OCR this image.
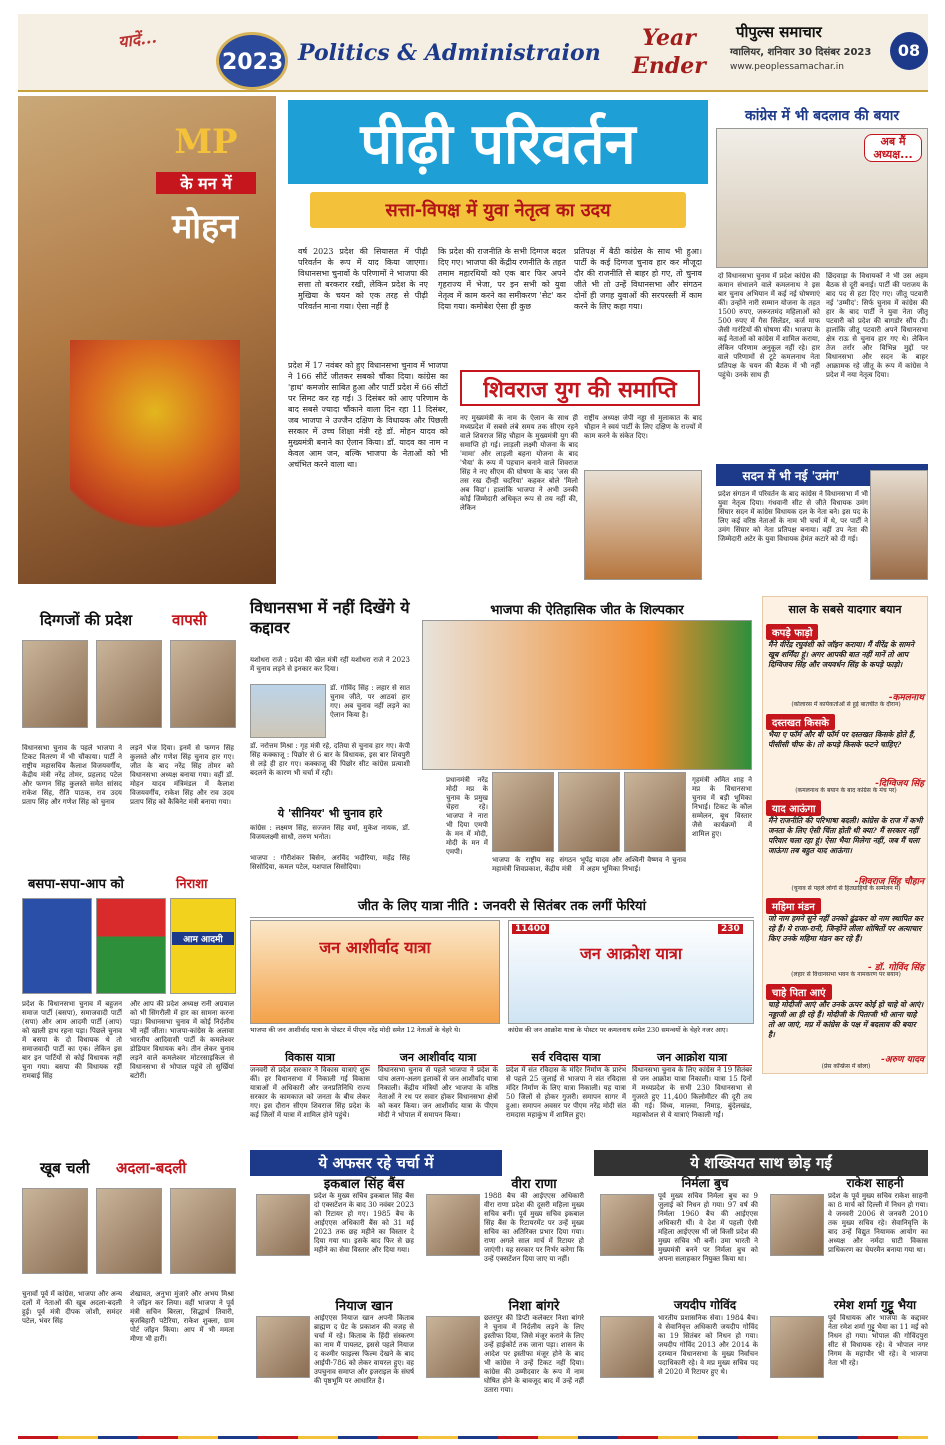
यादें...
2023 Politics & Administraion
Year Ender
पीपुल्स समाचार
ग्वालियर, शनिवार 30 दिसंबर 2023
www.peoplessamachar.in
08
MP
के मन में
मोहन
पीढ़ी परिवर्तन
सत्ता-विपक्ष में युवा नेतृत्व का उदय
वर्ष 2023 प्रदेश की सियासत में पीढ़ी परिवर्तन के रूप में याद किया जाएगा। विधानसभा चुनावों के परिणामों ने भाजपा की सत्ता तो बरकरार रखी, लेकिन प्रदेश के नए मुखिया के चयन को एक तरह से पीढ़ी परिवर्तन माना गया। ऐसा नहीं है
कि प्रदेश की राजनीति के सभी दिग्गज बदल दिए गए। भाजपा की केंद्रीय रणनीति के तहत तमाम महारथियों को एक बार फिर अपने गृहराज्य में भेजा, पर इन सभी को युवा नेतृत्व में काम करने का समीकरण 'सेट' कर दिया गया। कमोबेश ऐसा ही कुछ
प्रतिपक्ष में बैठी कांग्रेस के साथ भी हुआ। पार्टी के कई दिग्गज चुनाव हार कर मौजूदा दौर की राजनीति से बाहर हो गए, तो चुनाव जीते भी तो उन्हें विधानसभा और संगठन दोनों ही जगह युवाओं की सरपरस्ती में काम करने के लिए कहा गया।
प्रदेश में 17 नवंबर को हुए विधानसभा चुनाव में भाजपा ने 166 सीटें जीतकर सबको चौंका दिया। कांग्रेस का 'हाथ' कमजोर साबित हुआ और पार्टी प्रदेश में 66 सीटों पर सिमट कर रह गई। 3 दिसंबर को आए परिणाम के बाद सबसे ज्यादा चौंकाने वाला दिन रहा 11 दिसंबर, जब भाजपा ने उज्जैन दक्षिण के विधायक और पिछली सरकार में उच्च शिक्षा मंत्री रहे डॉ. मोहन यादव को मुख्यमंत्री बनाने का ऐलान किया। डॉ. यादव का नाम न केवल आम जन, बल्कि भाजपा के नेताओं को भी अचंभित करने वाला था।
शिवराज युग की समाप्ति
नए मुख्यमंत्री के नाम के ऐलान के साथ ही मध्यप्रदेश में सबसे लंबे समय तक सीएम रहने वाले शिवराज सिंह चौहान के मुख्यमंत्री युग की समाप्ति हो गई। लाड़ली लक्ष्मी योजना के बाद 'मामा' और लाड़ली बहना योजना के बाद 'भैया' के रूप में पहचान बनाने वाले शिवराज सिंह ने नए सीएम की घोषणा के बाद 'जस की तस रख दीन्ही चदरिया' कहकर बोले 'मिलो अब विदा'। हालांकि भाजपा ने अभी उनकी कोई जिम्मेदारी अधिकृत रूप से तय नहीं की, लेकिन
राष्ट्रीय अध्यक्ष जेपी नड्डा से मुलाकात के बाद चौहान ने स्वयं पार्टी के लिए दक्षिण के राज्यों में काम करने के संकेत दिए।
कांग्रेस में भी बदलाव की बयार
अब मैं अध्यक्ष...
दो विधानसभा चुनाव में प्रदेश कांग्रेस की कमान संभालने वाले कमलनाथ ने इस बार चुनाव अभियान में कई नई घोषणाएं कीं। उन्होंने नारी सम्मान योजना के तहत 1500 रुपए, जरूरतमंद महिलाओं को 500 रुपए में गैस सिलेंडर, कर्ज माफ जैसी गारंटियों की घोषणा की। भाजपा के कई नेताओं को कांग्रेस में शामिल कराया, लेकिन परिणाम अनुकूल नहीं रहे। हार वाले परिणामों से टूटे कमलनाथ नेता प्रतिपक्ष के चयन की बैठक में भी नहीं पहुंचे। उनके साथ ही
छिंदवाड़ा के विधायकों ने भी उस अहम बैठक से दूरी बनाई। पार्टी की पराजय के बाद पद से हटा दिए गए। जीतू पटवारी नई 'उम्मीद': सिर्फ चुनाव में कांग्रेस की हार के बाद पार्टी ने युवा नेता जीतू पटवारी को प्रदेश की बागडोर सौंप दी। हालांकि जीतू पटवारी अपने विधानसभा क्षेत्र राऊ से चुनाव हार गए थे। लेकिन तेज तर्रार और विभिन्न मुद्दों पर विधानसभा और सदन के बाहर आक्रामक रहे जीतू के रूप में कांग्रेस ने प्रदेश में नया नेतृत्व दिया।
सदन में भी नई 'उमंग'
प्रदेश संगठन में परिवर्तन के बाद कांग्रेस ने विधानसभा में भी युवा नेतृत्व दिया। गंधवानी सीट से जीते विधायक उमंग सिंघार सदन में कांग्रेस विधायक दल के नेता बने। इस पद के लिए कई वरिष्ठ नेताओं के नाम भी चर्चा में थे, पर पार्टी ने उमंग सिंघार को नेता प्रतिपक्ष बनाया। वहीं उप नेता की जिम्मेदारी अटेर के युवा विधायक हेमंत कटारे को दी गई।
दिग्गजों की प्रदेश	वापसी
विधानसभा चुनाव के पहले भाजपा ने टिकट वितरण में भी चौंकाया। पार्टी ने राष्ट्रीय महासचिव कैलाश विजयवर्गीय, केंद्रीय मंत्री नरेंद्र तोमर, प्रहलाद पटेल और फग्गन सिंह कुलस्ते समेत सांसद राकेश सिंह, रीति पाठक, राव उदय प्रताप सिंह और गणेश सिंह को चुनाव
लड़ने भेज दिया। इनमें से फग्गन सिंह कुलस्ते और गणेश सिंह चुनाव हार गए। जीत के बाद नरेंद्र सिंह तोमर को विधानसभा अध्यक्ष बनाया गया। वहीं डॉ. मोहन यादव मंत्रिमंडल में कैलाश विजयवर्गीय, राकेश सिंह और राव उदय प्रताप सिंह को कैबिनेट मंत्री बनाया गया।
विधानसभा में नहीं दिखेंगे ये कद्दावर
यशोधरा राजे : प्रदेश की खेल मंत्री रहीं यशोधरा राजे ने 2023 में चुनाव लड़ने से इनकार कर दिया।
डॉ. गोविंद सिंह : लहार से सात चुनाव जीते, पर आठवां हार गए। अब चुनाव नहीं लड़ने का ऐलान किया है।
डॉ. नरोत्तम मिश्रा : गृह मंत्री रहे, दतिया से चुनाव हार गए। केपी सिंह कक्काजू : पिछोर से 6 बार के विधायक, इस बार शिवपुरी से लड़े ही हार गए। कक्काजू की पिछोर सीट कांग्रेस प्रत्याशी बदलने के कारण भी चर्चा में रही।
ये 'सीनियर' भी चुनाव हारे
कांग्रेस : लक्ष्मण सिंह, सज्जन सिंह वर्मा, मुकेश नायक, डॉ. विजयलक्ष्मी साधौ, तरुण भनोत।
भाजपा : गौरीशंकर बिसेन, अरविंद भदौरिया, महेंद्र सिंह सिसोदिया, कमल पटेल, यशपाल सिसोदिया।
भाजपा की ऐतिहासिक जीत के शिल्पकार
प्रधानमंत्री नरेंद्र मोदी मप्र के चुनाव के प्रमुख चेहरा रहे। भाजपा ने नारा भी दिया एमपी के मन में मोदी, मोदी के मन में एमपी।
गृहमंत्री अमित शाह ने मप्र के विधानसभा चुनाव में बड़ी भूमिका निभाई। टिकट के कौल सम्मेलन, बूथ विस्तार जैसे कार्यक्रमों में शामिल हुए।
भाजपा के राष्ट्रीय सह संगठन महामंत्री शिवप्रकाश, केंद्रीय मंत्री
भूपेंद्र यादव और अश्विनी वैष्णव ने चुनाव में अहम भूमिका निभाई।
साल के सबसे यादगार बयान
बसपा-सपा-आप को	निराशा
आम आदमी
प्रदेश के विधानसभा चुनाव में बहुजन समाज पार्टी (बसपा), समाजवादी पार्टी (सपा) और आम आदमी पार्टी (आप) को खाली हाथ रहना पड़ा। पिछले चुनाव में बसपा के दो विधायक थे तो समाजवादी पार्टी का एक। लेकिन इस बार इन पार्टियों से कोई विधायक नहीं चुना गया। बसपा की विधायक रहीं रामबाई सिंह
और आप की प्रदेश अध्यक्ष रानी अग्रवाल को भी सिंगरौली में हार का सामना करना पड़ा। विधानसभा चुनाव में कोई निर्दलीय भी नहीं जीता। भाजपा-कांग्रेस के अलावा भारतीय आदिवासी पार्टी के कमलेश्वर डोडियार विधायक बने। तीन लेकर चुनाव लड़ने वाले कमलेश्वर मोटरसाइकिल से विधानसभा से भोपाल पहुंचे तो सुर्खियां बटोरीं।
खूब चली अदला-बदली
चुनावों पूर्व में कांग्रेस, भाजपा और अन्य दलों में नेताओं की खूब अदला-बदली हुई। पूर्व मंत्री दीपक जोशी, समंदर पटेल, भंवर सिंह
शेखावत, अनुभा मुंजारे और अभय मिश्रा ने जॉइन कर लिया। वहीं भाजपा ने पूर्व मंत्री सचिन बिरला, सिद्धार्थ तिवारी, बृजबिहारी पटैरिया, राकेश शुक्ला, ग्राम पोर्ट जॉइन किया। आप में भी ममता मीणा भी हारीं।
जीत के लिए यात्रा नीति : जनवरी से सितंबर तक लगीं फेरियां
जन आशीर्वाद यात्रा	जन आक्रोश यात्रा
11400	230
भाजपा की जन आशीर्वाद यात्रा के पोस्टर में पीएम नरेंद्र मोदी समेत 12 नेताओं के चेहरे थे।	कांग्रेस की जन आक्रोश यात्रा के पोस्टर पर कमलनाथ समेत 230 समन्वयों के चेहरे नजर आए।
ये अफसर रहे चर्चा में	ये शख्सियत साथ छोड़ गईं
कपड़े फाड़ो
मैंने वीरेंद्र रघुवंशी को जॉइन कराया। मैं वीरेंद्र के सामने खूब शर्मिंदा हूं। अगर आपकी बात नहीं मानें तो आप दिग्विजय सिंह और जयवर्धन सिंह के कपड़े फाड़ो।
-कमलनाथ
(कोलारस में कार्यकर्ताओं से हुई बातचीत के दौरान)
दस्तखत किसके
भैया ए फॉर्म और बी फॉर्म पर दस्तखत किसके होते हैं, पीसीसी चीफ के। तो कपड़े किसके फटने चाहिए?
-दिग्विजय सिंह
(कमलनाथ के बयान के बाद कांग्रेस के मंच पर)
याद आऊंगा
मैंने राजनीति की परिभाषा बदली। कांग्रेस के राज में कभी जनता के लिए ऐसी चिंता होती थी क्या? मैं सरकार नहीं परिवार चला रहा हूं। ऐसा भैया मिलेगा नहीं, जब मैं चला जाऊंगा तब बहुत याद आऊंगा।
-शिवराज सिंह चौहान
(चुनाव से पहले लोगों से हितग्राहियों के सम्मेलन में)
महिमा मंडन
जो नाम हमने सुने नहीं उनको ढूंढकर वो नाम स्थापित कर रहे हैं। ये राजा-रानी, जिन्होंने लीला शोषितों पर अत्याचार किए उनके महिमा मंडन कर रहे हैं।
- डॉ. गोविंद सिंह
(लहार से विधानसभा भवन के नामकरण पर बयान)
चाहे पिता आएं
चाहे मोदीजी आएं और उनके ऊपर कोई हो चाहे वो आएं। नड्डाजी आ ही रहे हैं। मोदीजी के पिताजी भी आना चाहे तो आ जाएं, मप्र में कांग्रेस के पक्ष में बदलाव की बयार है।
-अरुण यादव
(प्रेस कॉन्फ्रेंस में बोला)
विकास यात्रा
जनवरी से प्रदेश सरकार ने विकास यात्राएं शुरू कीं। हर विधानसभा में निकाली गई विकास यात्राओं में अधिकारी और जनप्रतिनिधि राज्य सरकार के कामकाज को जनता के बीच लेकर गए। इस दौरान सीएम शिवराज सिंह प्रदेश के कई जिलों में यात्रा में शामिल होने पहुंचे।
जन आशीर्वाद यात्रा
विधानसभा चुनाव से पहले भाजपा ने प्रदेश के पांच अलग-अलग इलाकों से जन आशीर्वाद यात्रा निकाली। केंद्रीय मंत्रियों और भाजपा के वरिष्ठ नेताओं ने रथ पर सवार होकर विधानसभा क्षेत्रों को कवर किया। जन आशीर्वाद यात्रा के पीएम मोदी ने भोपाल में समापन किया।
सर्व रविदास यात्रा
प्रदेश में संत रविदास के मंदिर निर्माण के प्रारंभ से पहले 25 जुलाई से भाजपा ने संत रविदास मंदिर निर्माण के लिए यात्रा निकाली। यह यात्रा 50 जिलों से होकर गुजरी। समापन सागर में हुआ। समापन अवसर पर पीएम नरेंद्र मोदी संत रामदास महाकुंभ में शामिल हुए।
जन आक्रोश यात्रा
विधानसभा चुनाव के लिए कांग्रेस ने 19 सितंबर से जन आक्रोश यात्रा निकाली। यात्रा 15 दिनों में मध्यप्रदेश के सभी 230 विधानसभा से गुजरते हुए 11,400 किलोमीटर की दूरी तय की गई। विंध्य, मालवा, निमाड़, बुंदेलखंड, महाकोशल से ये यात्राएं निकाली गईं।
इकबाल सिंह बैंस
प्रदेश के मुख्य सचिव इकबाल सिंह बैंस दो एक्सटेंशन के बाद 30 नवंबर 2023 को रिटायर हो गए। 1985 बैच के आईएएस अधिकारी बैंस को 31 मई 2023 तक छह महीने का विस्तार दे दिया गया था। इसके बाद फिर से छह महीने का सेवा विस्तार और दिया गया।
वीरा राणा
1988 बैच की आईएएस अधिकारी वीरा राणा प्रदेश की दूसरी महिला मुख्य सचिव बनीं। पूर्व मुख्य सचिव इकबाल सिंह बैंस के रिटायरमेंट पर उन्हें मुख्य सचिव का अतिरिक्त प्रभार दिया गया। राणा अगले साल मार्च में रिटायर हो जाएंगी। यह सरकार पर निर्भर करेगा कि उन्हें एक्सटेंशन दिया जाए या नहीं।
नियाज खान
आईएएस नियाज खान अपनी किताब ब्राह्मण द ग्रेट के प्रकाशन की वजह से चर्चा में रहे। किताब के हिंदी संस्करण का नाम मैं पायलट, इससे पहले नियाज द कश्मीर फाइल्स फिल्म देखने के बाद आईपी-786 को लेकर वायरल हुए। वह उपचुनाव समाप्त और इजराइल के संघर्ष की पृष्ठभूमि पर आधारित है।
निशा बांगरे
छतरपुर की डिप्टी कलेक्टर निशा बांगरे ने चुनाव में निर्दलीय लड़ने के लिए इस्तीफा दिया, जिसे मंजूर कराने के लिए उन्हें हाईकोर्ट तक जाना पड़ा। शासन के आदेश पर इस्तीफा मंजूर होने के बाद भी कांग्रेस ने उन्हें टिकट नहीं दिया। कांग्रेस की उम्मीदवार के रूप में नाम घोषित होने के बावजूद बाद में उन्हें नहीं उतारा गया।
निर्मला बुच
पूर्व मुख्य सचिव निर्मला बुच का 9 जुलाई को निधन हो गया। 97 वर्ष की निर्मला 1960 बैच की आईएएस अधिकारी थीं। वे देश में पहली ऐसी महिला आईएएस थीं जो किसी प्रदेश की मुख्य सचिव भी बनीं। उमा भारती ने मुख्यमंत्री बनने पर निर्मला बुच को अपना सलाहकार नियुक्त किया था।
राकेश साहनी
प्रदेश के पूर्व मुख्य सचिव राकेश साहनी का 8 मार्च को दिल्ली में निधन हो गया। वे जनवरी 2006 से जनवरी 2010 तक मुख्य सचिव रहे। सेवानिवृत्ति के बाद उन्हें विद्युत नियामक आयोग का अध्यक्ष और नर्मदा घाटी विकास प्राधिकरण का चेयरमैन बनाया गया था।
जयदीप गोविंद
भारतीय प्रशासनिक सेवा। 1984 बैच। वे सेवानिवृत्त अधिकारी जयदीप गोविंद का 19 सितंबर को निधन हो गया। जयदीप गोविंद 2013 और 2014 के दरम्यान विधानसभा के मुख्य निर्वाचन पदाधिकारी रहे। वे मप्र मुख्य सचिव पद से 2020 में रिटायर हुए थे।
रमेश शर्मा गुट्टू भैया
पूर्व विधायक और भाजपा के कद्दावर नेता रमेश शर्मा गुट्टू भैया का 11 मई को निधन हो गया। भोपाल की गोविंदपुरा सीट से विधायक रहे। वे भोपाल नगर निगम के महापौर भी रहे। वे भाजपा नेता भी रहे।
